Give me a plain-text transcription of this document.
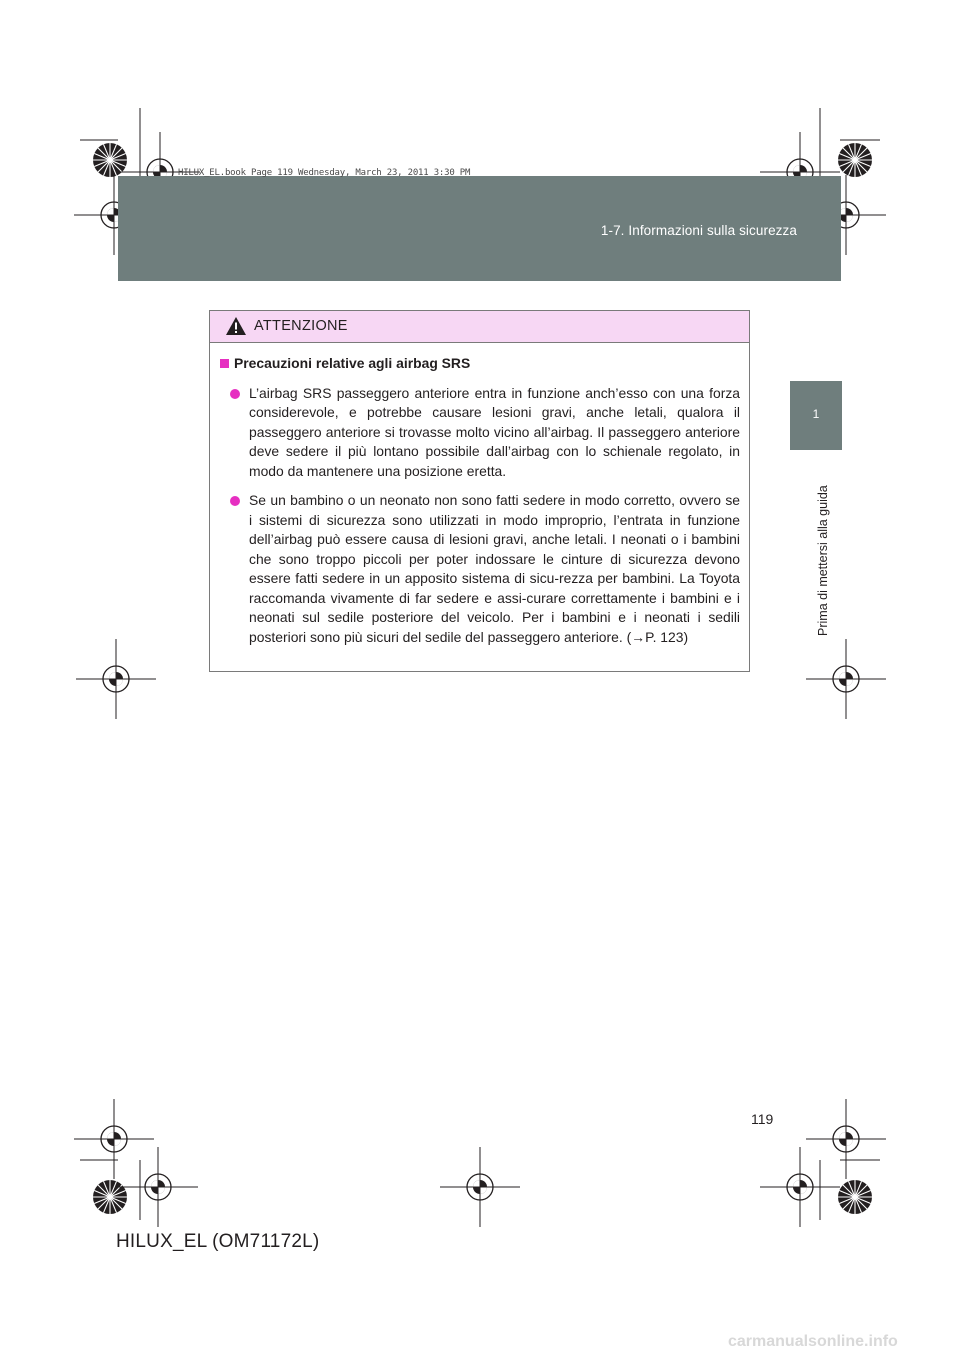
1-7. Informazioni sulla sicurezza
HILUX_EL.book Page 119 Wednesday, March 23, 2011 3:30 PM
1
Prima di mettersi alla guida
ATTENZIONE
Precauzioni relative agli airbag SRS
L’airbag SRS passeggero anteriore entra in funzione anch’esso con una forza considerevole, e potrebbe causare lesioni gravi, anche letali, qualora il passeggero anteriore si trovasse molto vicino all’airbag. Il passeggero anteriore deve sedere il più lontano possibile dall’airbag con lo schienale regolato, in modo da mantenere una posizione eretta.
Se un bambino o un neonato non sono fatti sedere in modo corretto, ovvero se i sistemi di sicurezza sono utilizzati in modo improprio, l’entrata in funzione dell’airbag può essere causa di lesioni gravi, anche letali. I neonati o i bambini che sono troppo piccoli per poter indossare le cinture di sicurezza devono essere fatti sedere in un apposito sistema di sicu-rezza per bambini. La Toyota raccomanda vivamente di far sedere e assi-curare correttamente i bambini e i neonati sul sedile posteriore del veicolo. Per i bambini e i neonati i sedili posteriori sono più sicuri del sedile del passeggero anteriore. (→P. 123)
119
HILUX_EL (OM71172L)
carmanualsonline.info
